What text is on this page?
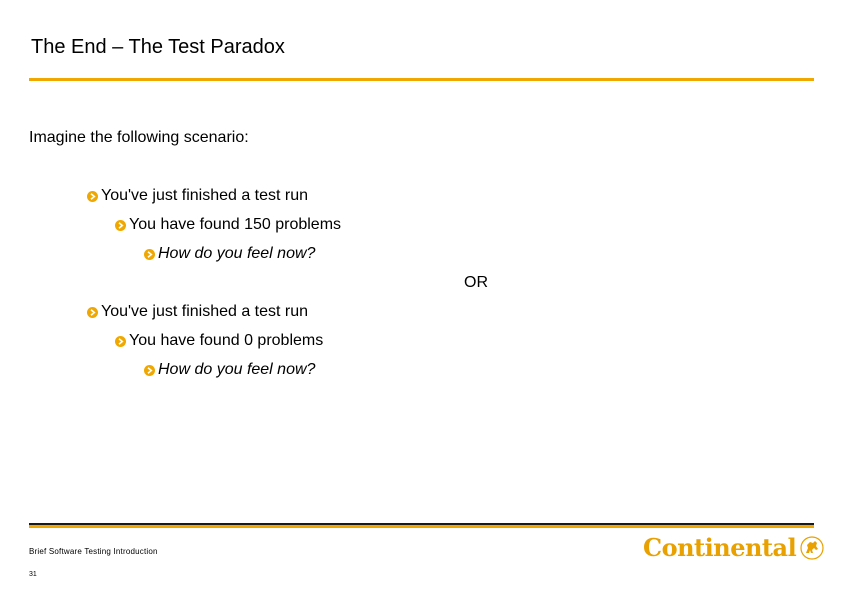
The End – The Test Paradox
Imagine the following scenario:
You've just finished a test run
You have found 150 problems
How do you feel now?
OR
You've just finished a test run
You have found 0 problems
How do you feel now?
Brief Software Testing Introduction
31
Continental
